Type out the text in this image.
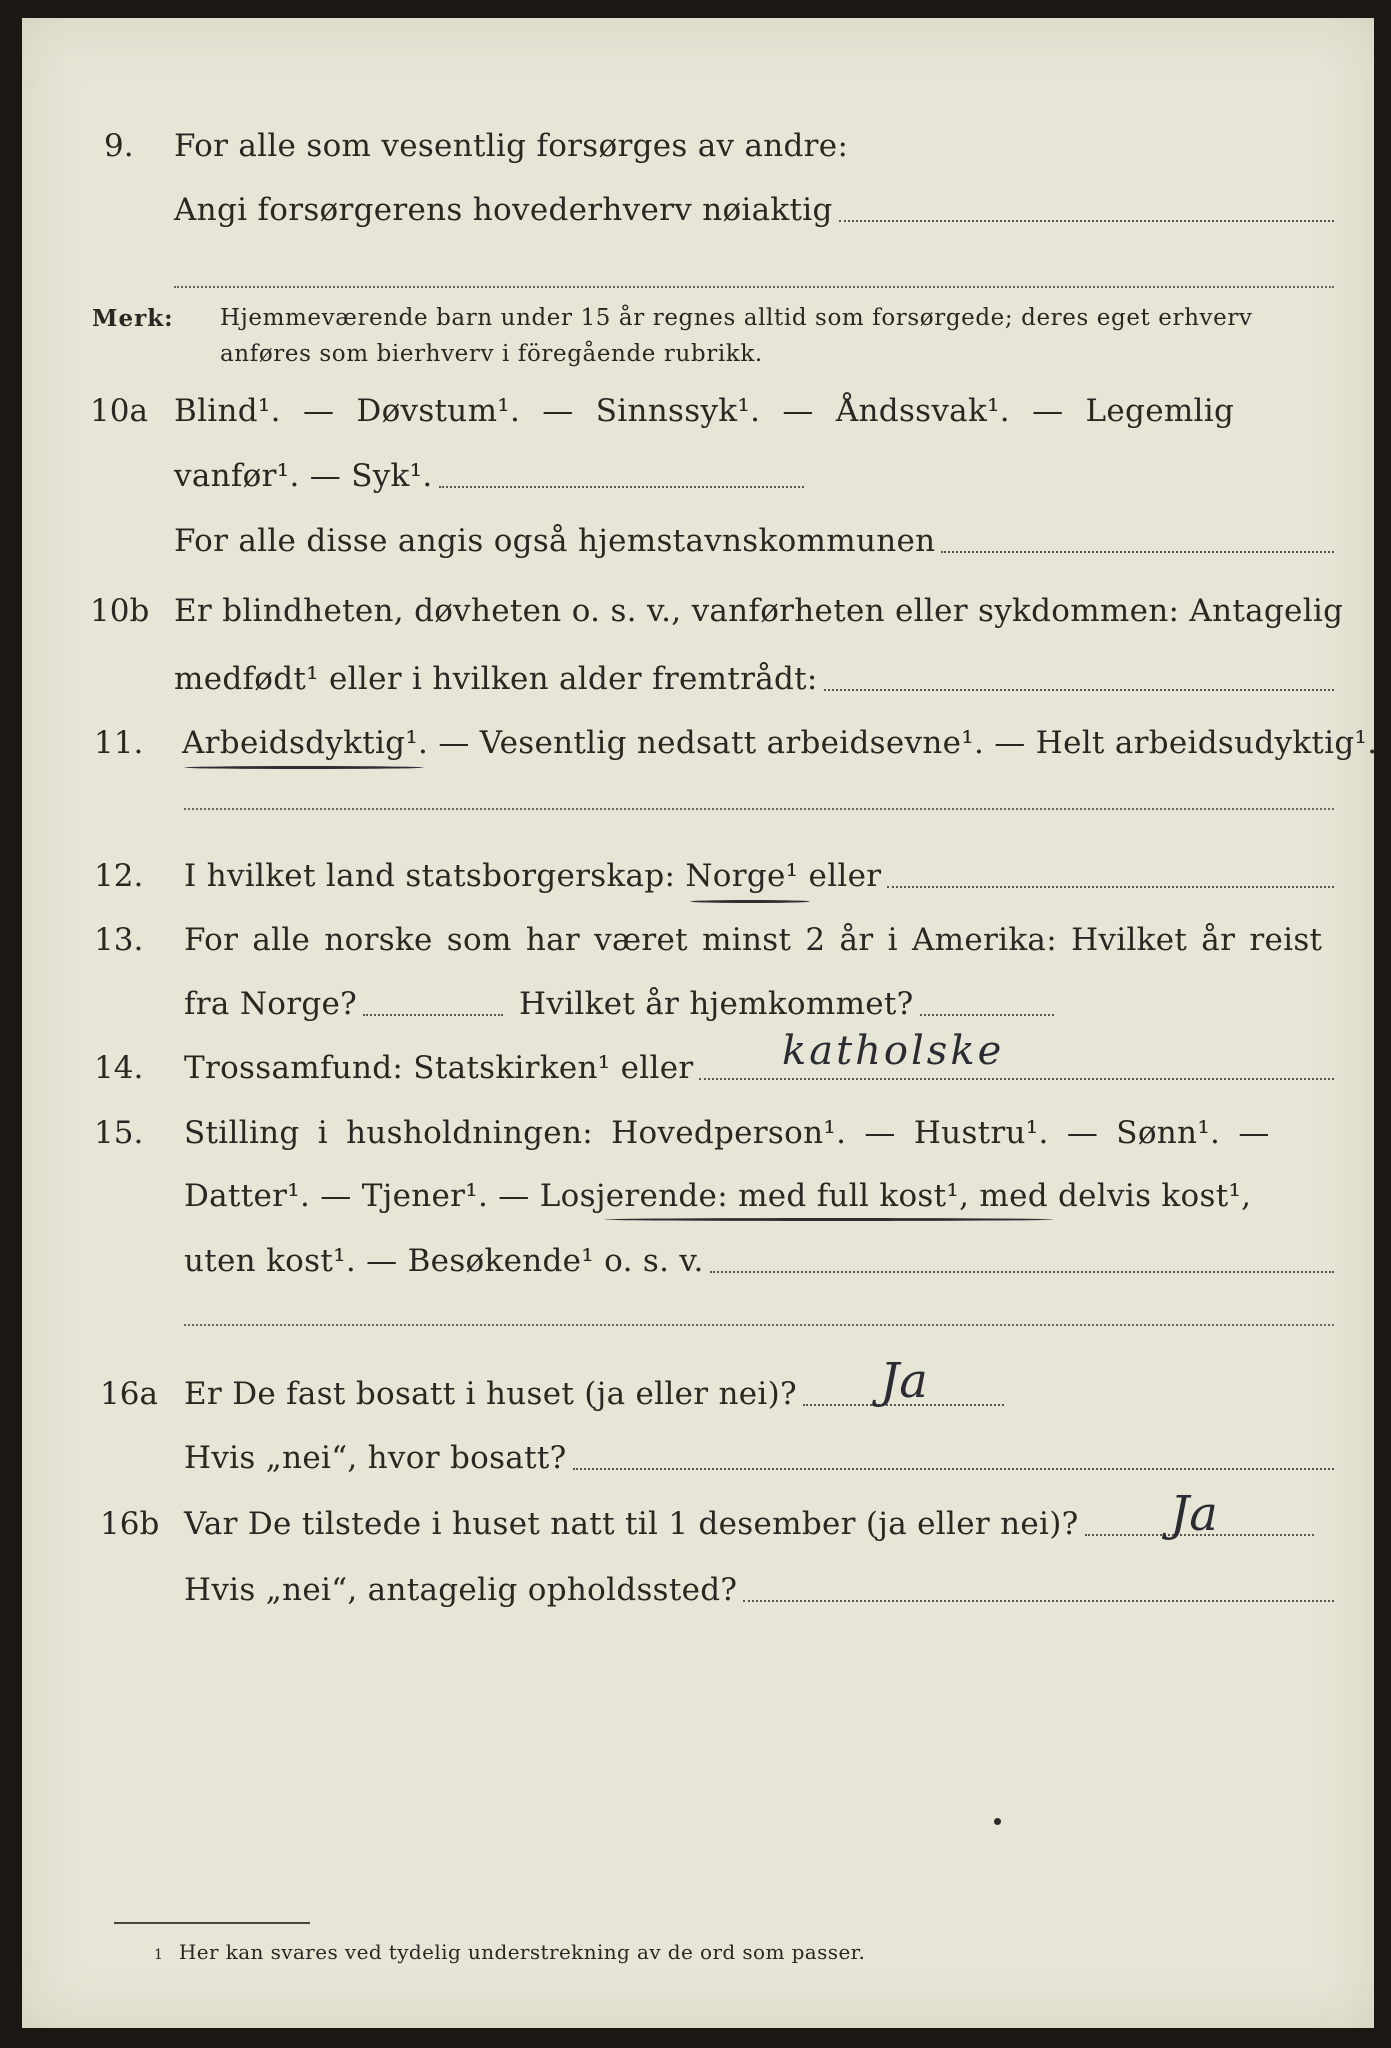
9. For alle som vesentlig forsørges av andre:
Angi forsørgerens hovederhverv nøiaktig
Merk: Hjemmeværende barn under 15 år regnes alltid som forsørgede; deres eget erhverv
anføres som bierhverv i föregående rubrikk.
10a Blind¹. — Døvstum¹. — Sinnssyk¹. — Åndssvak¹. — Legemlig
vanfør¹. — Syk¹.
For alle disse angis også hjemstavnskommunen
10b Er blindheten, døvheten o. s. v., vanførheten eller sykdommen: Antagelig
medfødt¹ eller i hvilken alder fremtrådt:
11. Arbeidsdyktig¹. — Vesentlig nedsatt arbeidsevne¹. — Helt arbeidsudyktig¹.
12. I hvilket land statsborgerskap: Norge¹ eller
13. For alle norske som har været minst 2 år i Amerika: Hvilket år reist
fra Norge?	Hvilket år hjemkommet?
14. Trossamfund: Statskirken¹ eller katholske
15. Stilling i husholdningen: Hovedperson¹. — Hustru¹. — Sønn¹. —
Datter¹. — Tjener¹. — Losjerende: med full kost¹, med delvis kost¹,
uten kost¹. — Besøkende¹ o. s. v.
16a Er De fast bosatt i huset (ja eller nei)? Ja
Hvis „nei“, hvor bosatt?
16b Var De tilstede i huset natt til 1 desember (ja eller nei)? Ja
Hvis „nei“, antagelig opholdssted?
1 Her kan svares ved tydelig understrekning av de ord som passer.
